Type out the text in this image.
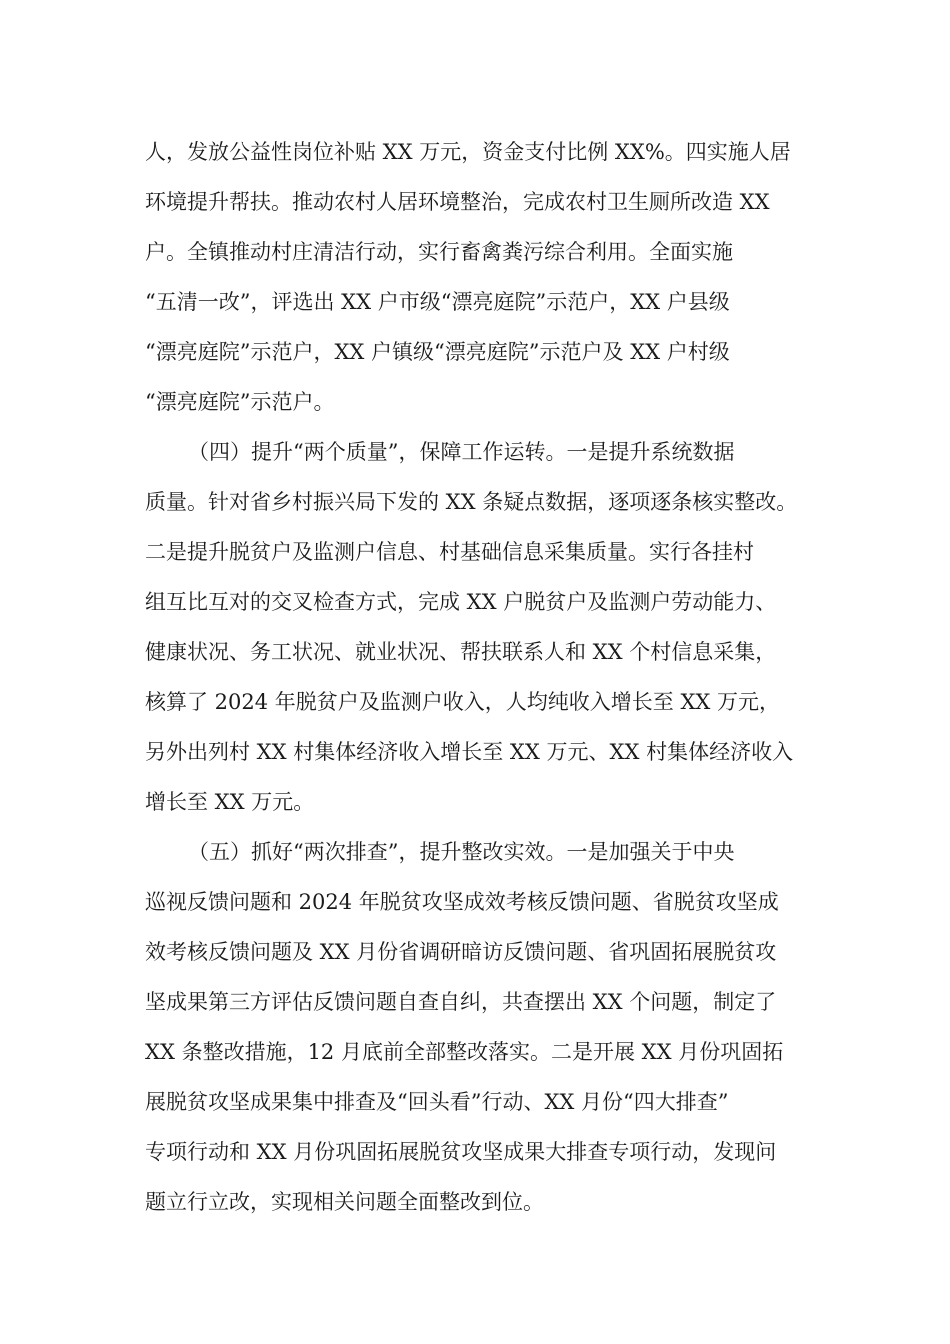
人，发放公益性岗位补贴 XX 万元，资金支付比例 XX%。四实施人居
环境提升帮扶。推动农村人居环境整治，完成农村卫生厕所改造 XX
户。全镇推动村庄清洁行动，实行畜禽粪污综合利用。全面实施
“五清一改”，评选出 XX 户市级“漂亮庭院”示范户，XX 户县级
“漂亮庭院”示范户，XX 户镇级“漂亮庭院”示范户及 XX 户村级
“漂亮庭院”示范户。
（四）提升“两个质量”，保障工作运转。一是提升系统数据
质量。针对省乡村振兴局下发的 XX 条疑点数据，逐项逐条核实整改。
二是提升脱贫户及监测户信息、村基础信息采集质量。实行各挂村
组互比互对的交叉检查方式，完成 XX 户脱贫户及监测户劳动能力、
健康状况、务工状况、就业状况、帮扶联系人和 XX 个村信息采集，
核算了 2024 年脱贫户及监测户收入，人均纯收入增长至 XX 万元，
另外出列村 XX 村集体经济收入增长至 XX 万元、XX 村集体经济收入
增长至 XX 万元。
（五）抓好“两次排查”，提升整改实效。一是加强关于中央
巡视反馈问题和 2024 年脱贫攻坚成效考核反馈问题、省脱贫攻坚成
效考核反馈问题及 XX 月份省调研暗访反馈问题、省巩固拓展脱贫攻
坚成果第三方评估反馈问题自查自纠，共查摆出 XX 个问题，制定了
XX 条整改措施，12 月底前全部整改落实。二是开展 XX 月份巩固拓
展脱贫攻坚成果集中排查及“回头看”行动、XX 月份“四大排查”
专项行动和 XX 月份巩固拓展脱贫攻坚成果大排查专项行动，发现问
题立行立改，实现相关问题全面整改到位。
